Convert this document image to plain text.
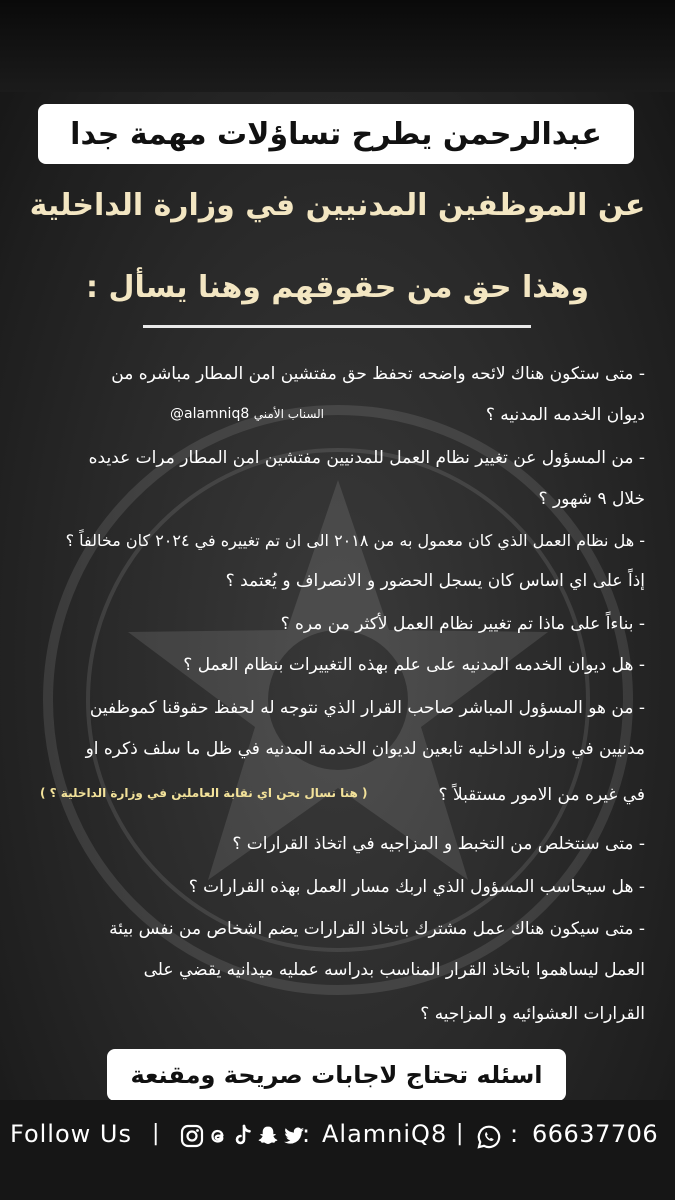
عبدالرحمن يطرح تساؤلات مهمة جدا
عن الموظفين المدنيين في وزارة الداخلية
وهذا حق من حقوقهم وهنا يسأل :
- متى ستكون هناك لائحه واضحه تحفظ حق مفتشين امن المطار مباشره من
ديوان الخدمه المدنيه ؟
@alamniq8 السناب الأمني
- من المسؤول عن تغيير نظام العمل للمدنيين مفتشين امن المطار مرات عديده
خلال ٩ شهور ؟
- هل نظام العمل الذي كان معمول به من ٢٠١٨ الى ان تم تغييره في ٢٠٢٤ كان مخالفاً ؟
إذاً على اي اساس كان يسجل الحضور و الانصراف و يُعتمد ؟
- بناءاً على ماذا تم تغيير نظام العمل لأكثر من مره ؟
- هل ديوان الخدمه المدنيه على علم بهذه التغييرات بنظام العمل ؟
- من هو المسؤول المباشر صاحب القرار الذي نتوجه له لحفظ حقوقنا كموظفين
مدنيين في وزارة الداخليه تابعين لديوان الخدمة المدنيه في ظل ما سلف ذكره او
في غيره من الامور مستقبلاً ؟
( هنا نسال نحن اي نقابة العاملين في وزارة الداخلية ؟ )
- متى سنتخلص من التخبط و المزاجيه في اتخاذ القرارات ؟
- هل سيحاسب المسؤول الذي اربك مسار العمل بهذه القرارات ؟
- متى سيكون هناك عمل مشترك باتخاذ القرارات يضم اشخاص من نفس بيئة
العمل ليساهموا باتخاذ القرار المناسب بدراسه عمليه ميدانيه يقضي على
القرارات العشوائيه و المزاجيه ؟
اسئله تحتاج لاجابات صريحة ومقنعة
Follow Us |	: AlamniQ8 | : 66637706
